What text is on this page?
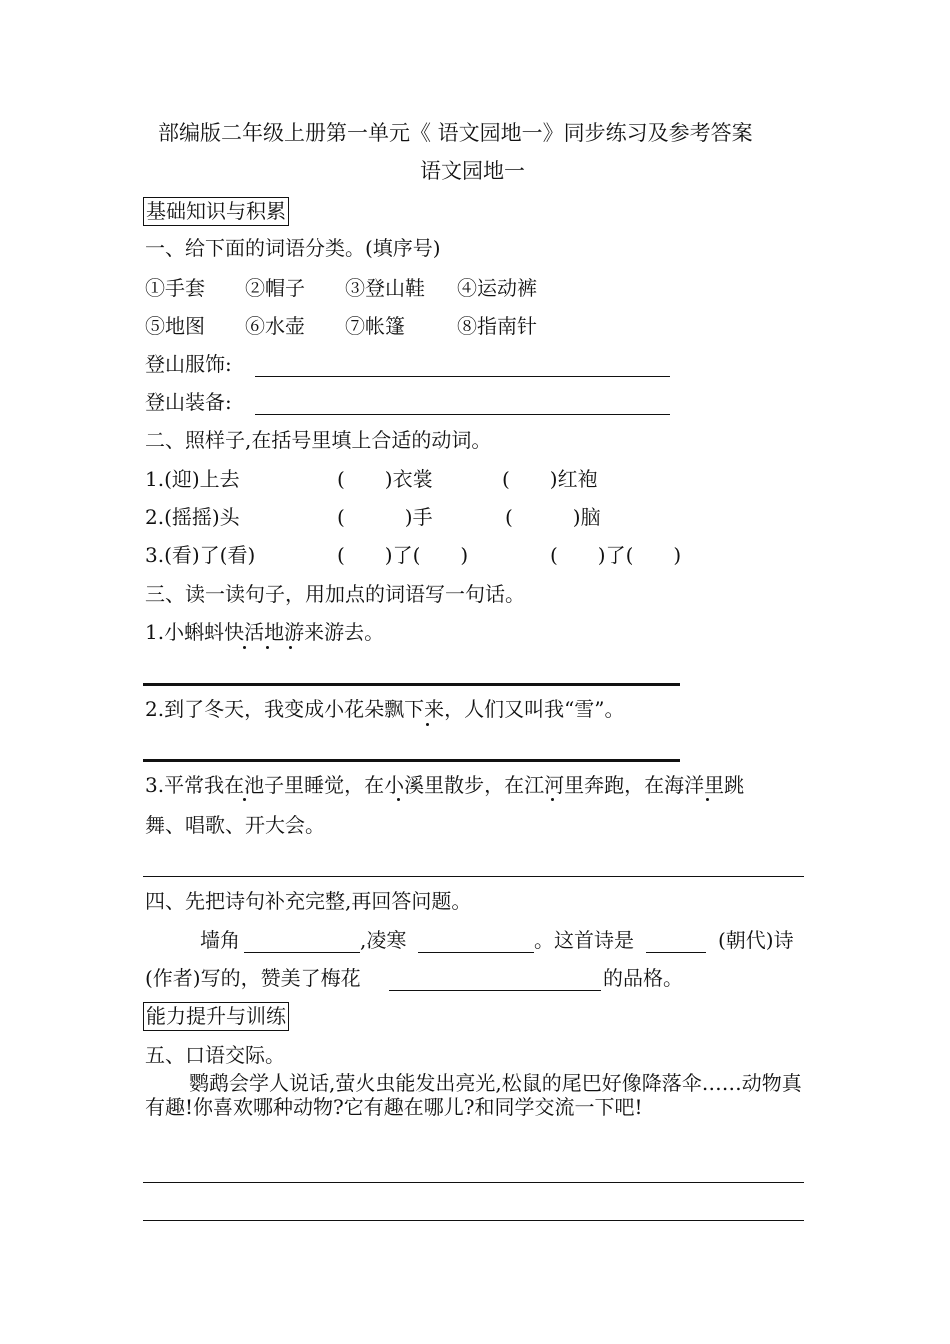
部编版二年级上册第一单元《 语文园地一》同步练习及参考答案
语文园地一
基础知识与积累
一、给下面的词语分类。(填序号)
①手套 ②帽子 ③登山鞋 ④运动裤
⑤地图 ⑥水壶 ⑦帐篷	⑧指南针
登山服饰:
登山装备:
二、照样子,在括号里填上合适的动词。
1.(迎)上去	(　　)衣裳	(　　)红袍
2.(摇摇)头	(　　　)手	(　　　)脑
3.(看)了(看)	(　　)了(　　)	(　　)了(　　)
三、读一读句子，用加点的词语写一句话。
1.小蝌蚪快活地游来游去。
2.到了冬天，我变成小花朵飘下来，人们又叫我“雪”。
3.平常我在池子里睡觉，在小溪里散步，在江河里奔跑，在海洋里跳
舞、唱歌、开大会。
四、先把诗句补充完整,再回答问题。
墙角	,凌寒	。这首诗是	(朝代)诗
(作者)写的，赞美了梅花	的品格。
能力提升与训练
五、口语交际。
鹦鹉会学人说话,萤火虫能发出亮光,松鼠的尾巴好像降落伞……动物真有趣!你喜欢哪种动物?它有趣在哪儿?和同学交流一下吧!
